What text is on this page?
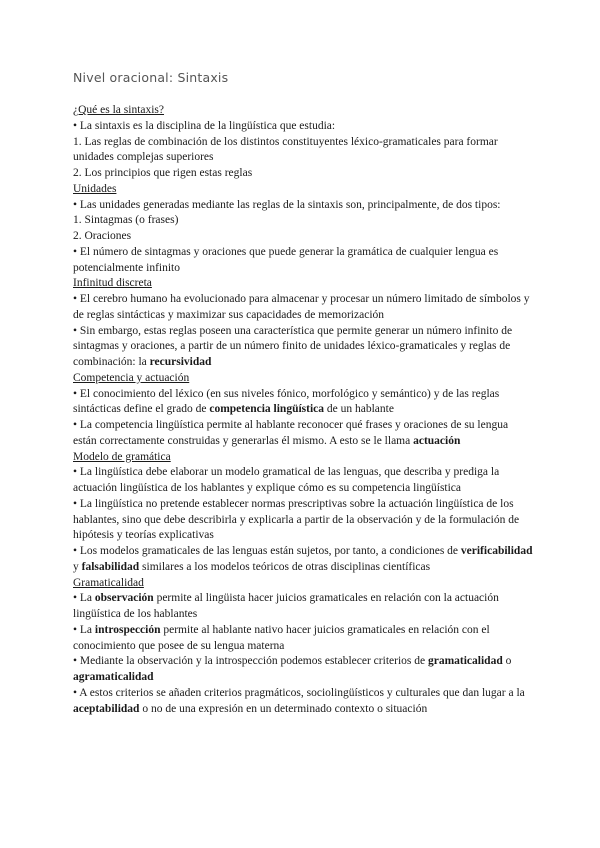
Nivel oracional: Sintaxis

¿Qué es la sintaxis?

• La sintaxis es la disciplina de la lingüística que estudia:

1. Las reglas de combinación de los distintos constituyentes léxico-gramaticales para formar unidades complejas superiores

2. Los principios que rigen estas reglas

Unidades

• Las unidades generadas mediante las reglas de la sintaxis son, principalmente, de dos tipos:

1. Sintagmas (o frases)

2. Oraciones

• El número de sintagmas y oraciones que puede generar la gramática de cualquier lengua es potencialmente infinito

Infinitud discreta

• El cerebro humano ha evolucionado para almacenar y procesar un número limitado de símbolos y de reglas sintácticas y maximizar sus capacidades de memorización

• Sin embargo, estas reglas poseen una característica que permite generar un número infinito de sintagmas y oraciones, a partir de un número finito de unidades léxico-gramaticales y reglas de combinación: la recursividad

Competencia y actuación

• El conocimiento del léxico (en sus niveles fónico, morfológico y semántico) y de las reglas sintácticas define el grado de competencia lingüística de un hablante

• La competencia lingüística permite al hablante reconocer qué frases y oraciones de su lengua están correctamente construidas y generarlas él mismo. A esto se le llama actuación

Modelo de gramática

• La lingüística debe elaborar un modelo gramatical de las lenguas, que describa y prediga la actuación lingüística de los hablantes y explique cómo es su competencia lingüística

• La lingüística no pretende establecer normas prescriptivas sobre la actuación lingüística de los hablantes, sino que debe describirla y explicarla a partir de la observación y de la formulación de hipótesis y teorías explicativas

• Los modelos gramaticales de las lenguas están sujetos, por tanto, a condiciones de verificabilidad y falsabilidad similares a los modelos teóricos de otras disciplinas científicas

Gramaticalidad

• La observación permite al lingüista hacer juicios gramaticales en relación con la actuación lingüística de los hablantes

• La introspección permite al hablante nativo hacer juicios gramaticales en relación con el conocimiento que posee de su lengua materna

• Mediante la observación y la introspección podemos establecer criterios de gramaticalidad o agramaticalidad

• A estos criterios se añaden criterios pragmáticos, sociolingüísticos y culturales que dan lugar a la aceptabilidad o no de una expresión en un determinado contexto o situación
